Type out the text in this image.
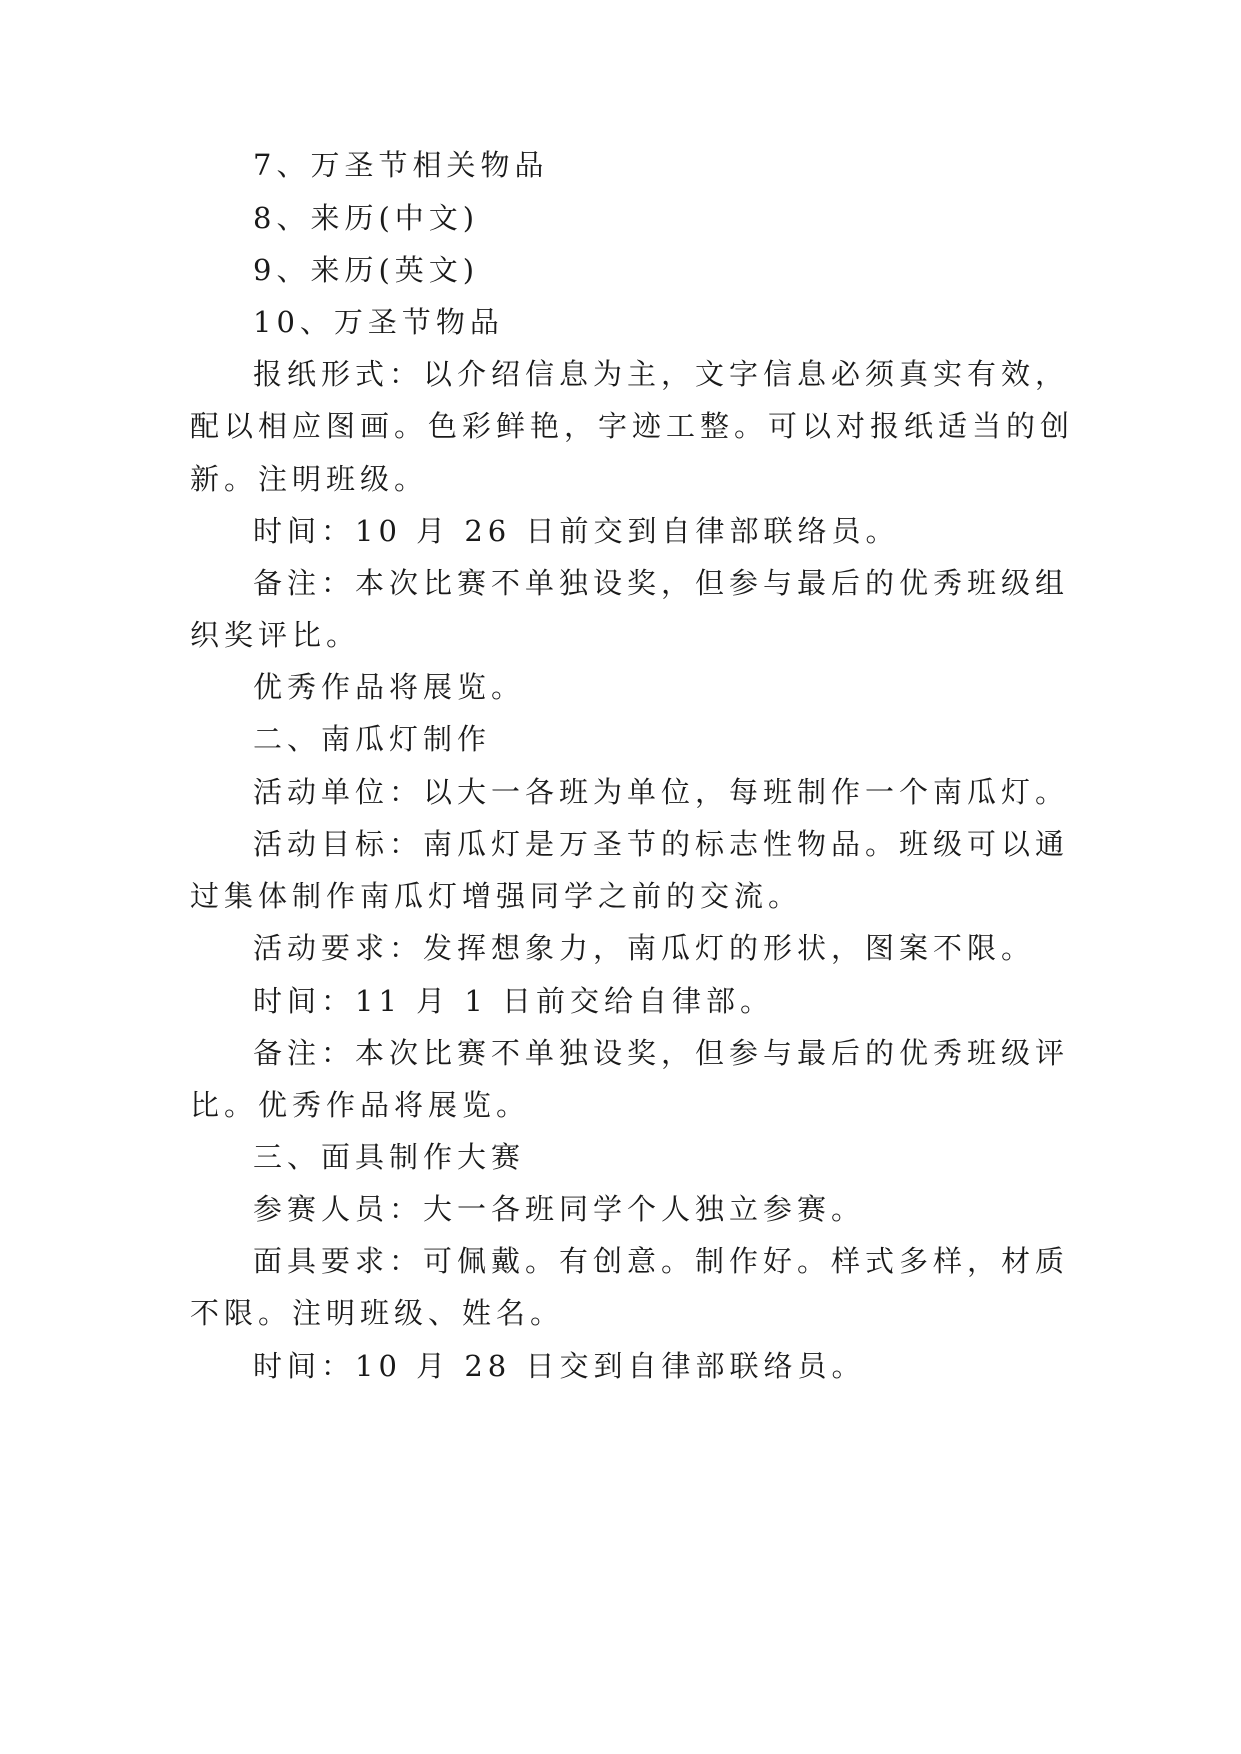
7、万圣节相关物品
8、来历(中文)
9、来历(英文)
10、万圣节物品
报纸形式：以介绍信息为主，文字信息必须真实有效，
配以相应图画。色彩鲜艳，字迹工整。可以对报纸适当的创
新。注明班级。
时间：10 月 26 日前交到自律部联络员。
备注：本次比赛不单独设奖，但参与最后的优秀班级组
织奖评比。
优秀作品将展览。
二、南瓜灯制作
活动单位：以大一各班为单位，每班制作一个南瓜灯。
活动目标：南瓜灯是万圣节的标志性物品。班级可以通
过集体制作南瓜灯增强同学之前的交流。
活动要求：发挥想象力，南瓜灯的形状，图案不限。
时间：11 月 1 日前交给自律部。
备注：本次比赛不单独设奖，但参与最后的优秀班级评
比。优秀作品将展览。
三、面具制作大赛
参赛人员：大一各班同学个人独立参赛。
面具要求：可佩戴。有创意。制作好。样式多样，材质
不限。注明班级、姓名。
时间：10 月 28 日交到自律部联络员。
